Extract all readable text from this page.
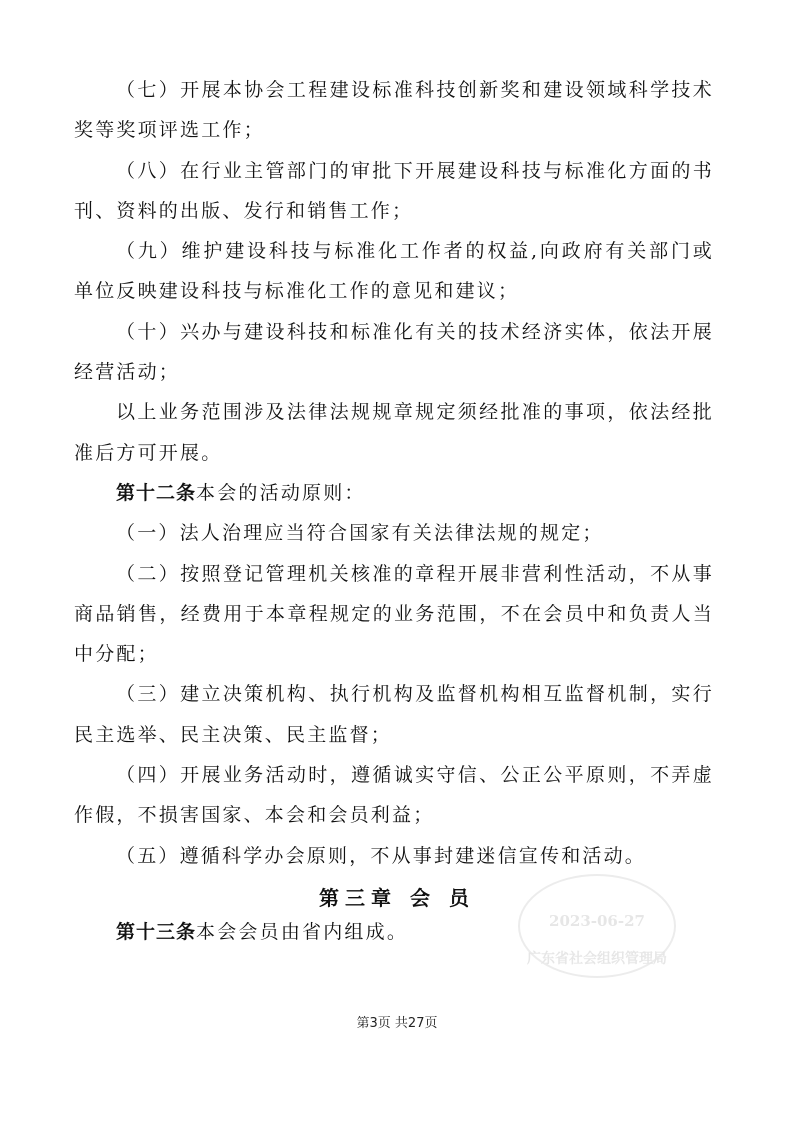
（七）开展本协会工程建设标准科技创新奖和建设领域科学技术奖等奖项评选工作；

（八）在行业主管部门的审批下开展建设科技与标准化方面的书刊、资料的出版、发行和销售工作；

（九）维护建设科技与标准化工作者的权益,向政府有关部门或单位反映建设科技与标准化工作的意见和建议；

（十）兴办与建设科技和标准化有关的技术经济实体，依法开展经营活动；

以上业务范围涉及法律法规规章规定须经批准的事项，依法经批准后方可开展。

第十二条本会的活动原则：

（一）法人治理应当符合国家有关法律法规的规定；

（二）按照登记管理机关核准的章程开展非营利性活动，不从事商品销售，经费用于本章程规定的业务范围，不在会员中和负责人当中分配；

（三）建立决策机构、执行机构及监督机构相互监督机制，实行民主选举、民主决策、民主监督；

（四）开展业务活动时，遵循诚实守信、公正公平原则，不弄虚作假，不损害国家、本会和会员利益；

（五）遵循科学办会原则，不从事封建迷信宣传和活动。

2023-06-27
广东省社会组织管理局
第三章 会 员

第十三条本会会员由省内组成。

第3页 共27页
